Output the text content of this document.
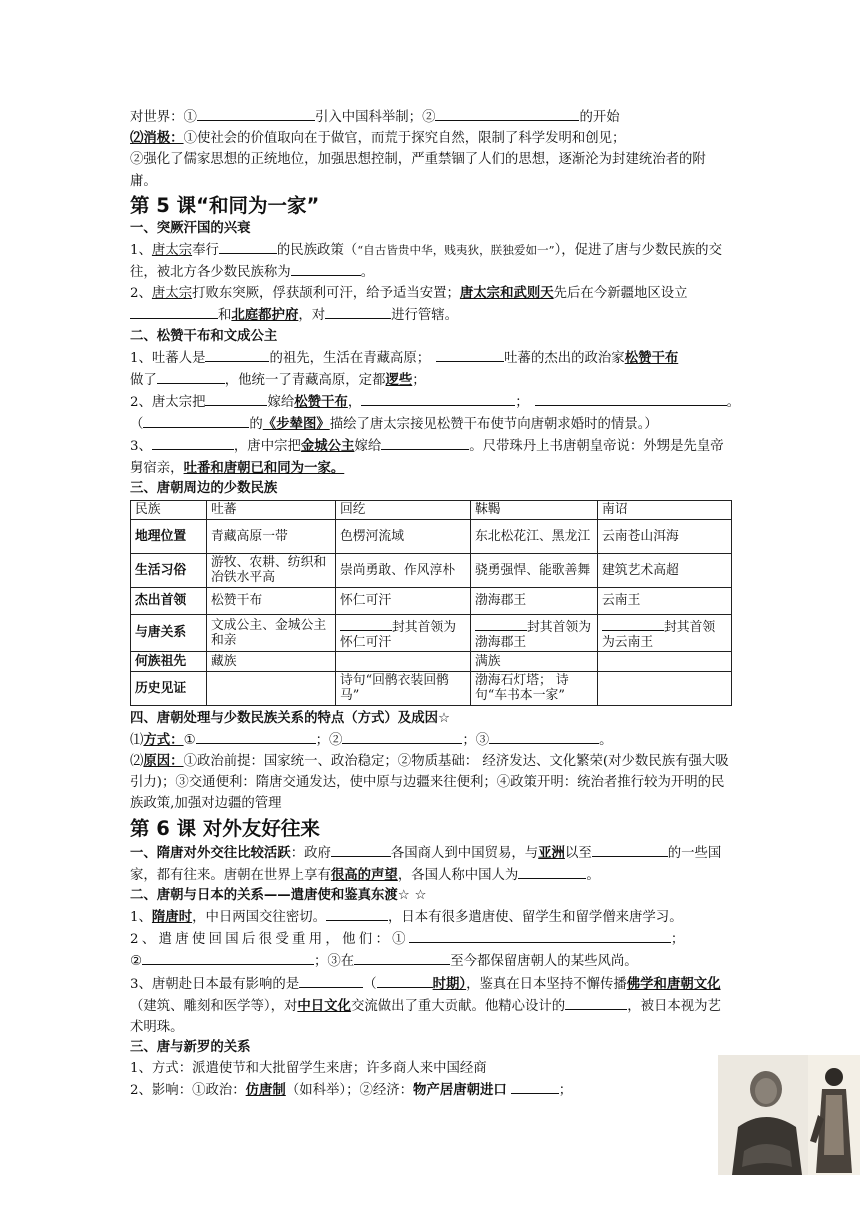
对世界：①	引入中国科举制；②	的开始
⑵消极：①使社会的价值取向在于做官，而荒于探究自然，限制了科学发明和创见；
②强化了儒家思想的正统地位，加强思想控制，严重禁锢了人们的思想，逐渐沦为封建统治者的附庸。
第 5 课“和同为一家”
一、突厥汗国的兴衰
1、唐太宗奉行	的民族政策（“自古皆贵中华，贱夷狄，朕独爱如一”），促进了唐与少数民族的交往，被北方各少数民族称为	。
2、唐太宗打败东突厥，俘获颉利可汗，给予适当安置；唐太宗和武则天先后在今新疆地区设立和北庭都护府，对	进行管辖。
二、松赞干布和文成公主
1、吐蕃人是	的祖先，生活在青藏高原；	吐蕃的杰出的政治家松赞干布
做了	，他统一了青藏高原，定都逻些；
2、唐太宗把	嫁给松赞干布，	；	。
（	的《步辇图》描绘了唐太宗接见松赞干布使节向唐朝求婚时的情景。）
3、	，唐中宗把金城公主嫁给	。尺带珠丹上书唐朝皇帝说：外甥是先皇帝舅宿亲，吐番和唐朝已和同为一家。
三、唐朝周边的少数民族
民族	吐蕃	回纥	靺鞨	南诏
地理位置	青藏高原一带	色楞河流域	东北松花江、黑龙江	云南苍山洱海
生活习俗	游牧、农耕、纺织和冶铁水平高	崇尚勇敢、作风淳朴	骁勇强悍、能歌善舞	建筑艺术高超
杰出首领	松赞干布	怀仁可汗	渤海郡王	云南王
与唐关系	文成公主、金城公主和亲	封其首领为怀仁可汗	封其首领为渤海郡王	封其首领为云南王
何族祖先	藏族		满族	
历史见证		诗句“回鹘衣装回鹘马”	渤海石灯塔； 诗句“车书本一家”	
四、唐朝处理与少数民族关系的特点（方式）及成因☆
⑴方式：①	；②	；③	。
⑵原因：①政治前提：国家统一、政治稳定；②物质基础： 经济发达、文化繁荣(对少数民族有强大吸引力)；③交通便利：隋唐交通发达，使中原与边疆来往便利；④政策开明：统治者推行较为开明的民族政策,加强对边疆的管理
第 6 课 对外友好往来
一、隋唐对外交往比较活跃：政府	各国商人到中国贸易，与亚洲以至	的一些国家，都有往来。唐朝在世界上享有很高的声望，各国人称中国人为	。
二、唐朝与日本的关系——遣唐使和鉴真东渡☆ ☆
1、隋唐时，中日两国交往密切。	，日本有很多遣唐使、留学生和留学僧来唐学习。
2、遣唐使回国后很受重用，他们：①	；
②	；③在	至今都保留唐朝人的某些风尚。
3、唐朝赴日本最有影响的是	（	时期），鉴真在日本坚持不懈传播佛学和唐朝文化（建筑、雕刻和医学等），对中日文化交流做出了重大贡献。他精心设计的	，被日本视为艺术明珠。
三、唐与新罗的关系
1、方式：派遣使节和大批留学生来唐；许多商人来中国经商
2、影响：①政治：仿唐制（如科举）；②经济：物产居唐朝进口	；
